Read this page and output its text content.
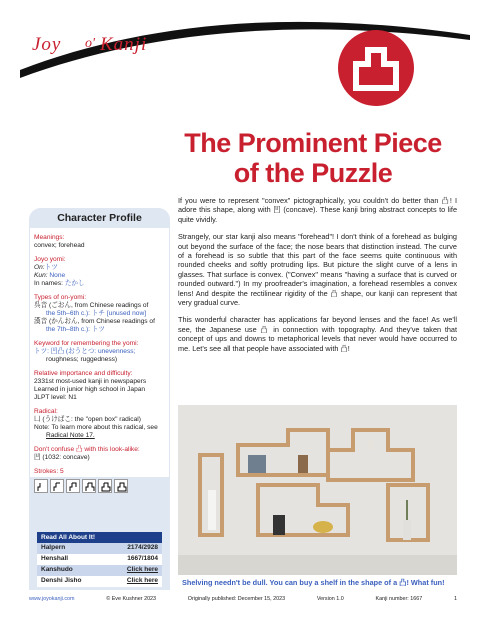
Joy o' Kanji
The Prominent Piece
of the Puzzle
Character Profile
Meanings:
convex; forehead
Joyo yomi:
On:トツ
Kun: None
In names: たかし
Types of on-yomi:
呉音 (ごおん, from Chinese readings of
the 5th–6th c.): トチ [unused now]
漢音 (かんおん, from Chinese readings of
the 7th–8th c.): トツ
Keyword for remembering the yomi:
トツ: 凹凸 (おうとつ: unevenness;
roughness; ruggedness)
Relative importance and difficulty:
2331st most-used kanji in newspapers
Learned in junior high school in Japan
JLPT level: N1
Radical:
凵 (うけばこ: the "open box" radical)
Note: To learn more about this radical, see
Radical Note 17.
Don't confuse 凸 with this look-alike:
凹 (1032: concave)
Strokes: 5
Read All About It!
Halpern	2174/2928
Henshall	1667/1804
Kanshudo	Click here
Denshi Jisho	Click here

If you were to represent "convex" pictographically, you couldn't do better than 凸! I adore this shape, along with 凹 (concave). These kanji bring abstract concepts to life quite vividly.

Strangely, our star kanji also means "forehead"! I don't think of a forehead as bulging out beyond the surface of the face; the nose bears that distinction instead. The curve of a forehead is so subtle that this part of the face seems quite continuous with rounded cheeks and softly protruding lips. But picture the slight curve of a lens in glasses. That surface is convex. ("Convex" means "having a surface that is curved or rounded outward.") In my proofreader's imagination, a forehead resembles a convex lens! And despite the rectilinear rigidity of the 凸 shape, our kanji can represent that very gradual curve.

This wonderful character has applications far beyond lenses and the face! As we'll see, the Japanese use 凸 in connection with topography. And they've taken that concept of ups and downs to metaphorical levels that never would have occurred to me. Let's see all that people have associated with 凸!

Shelving needn't be dull. You can buy a shelf in the shape of a 凸! What fun!
www.joyokanji.com	© Eve Kushner 2023	Originally published: December 15, 2023	Version 1.0	Kanji number: 1667	1
